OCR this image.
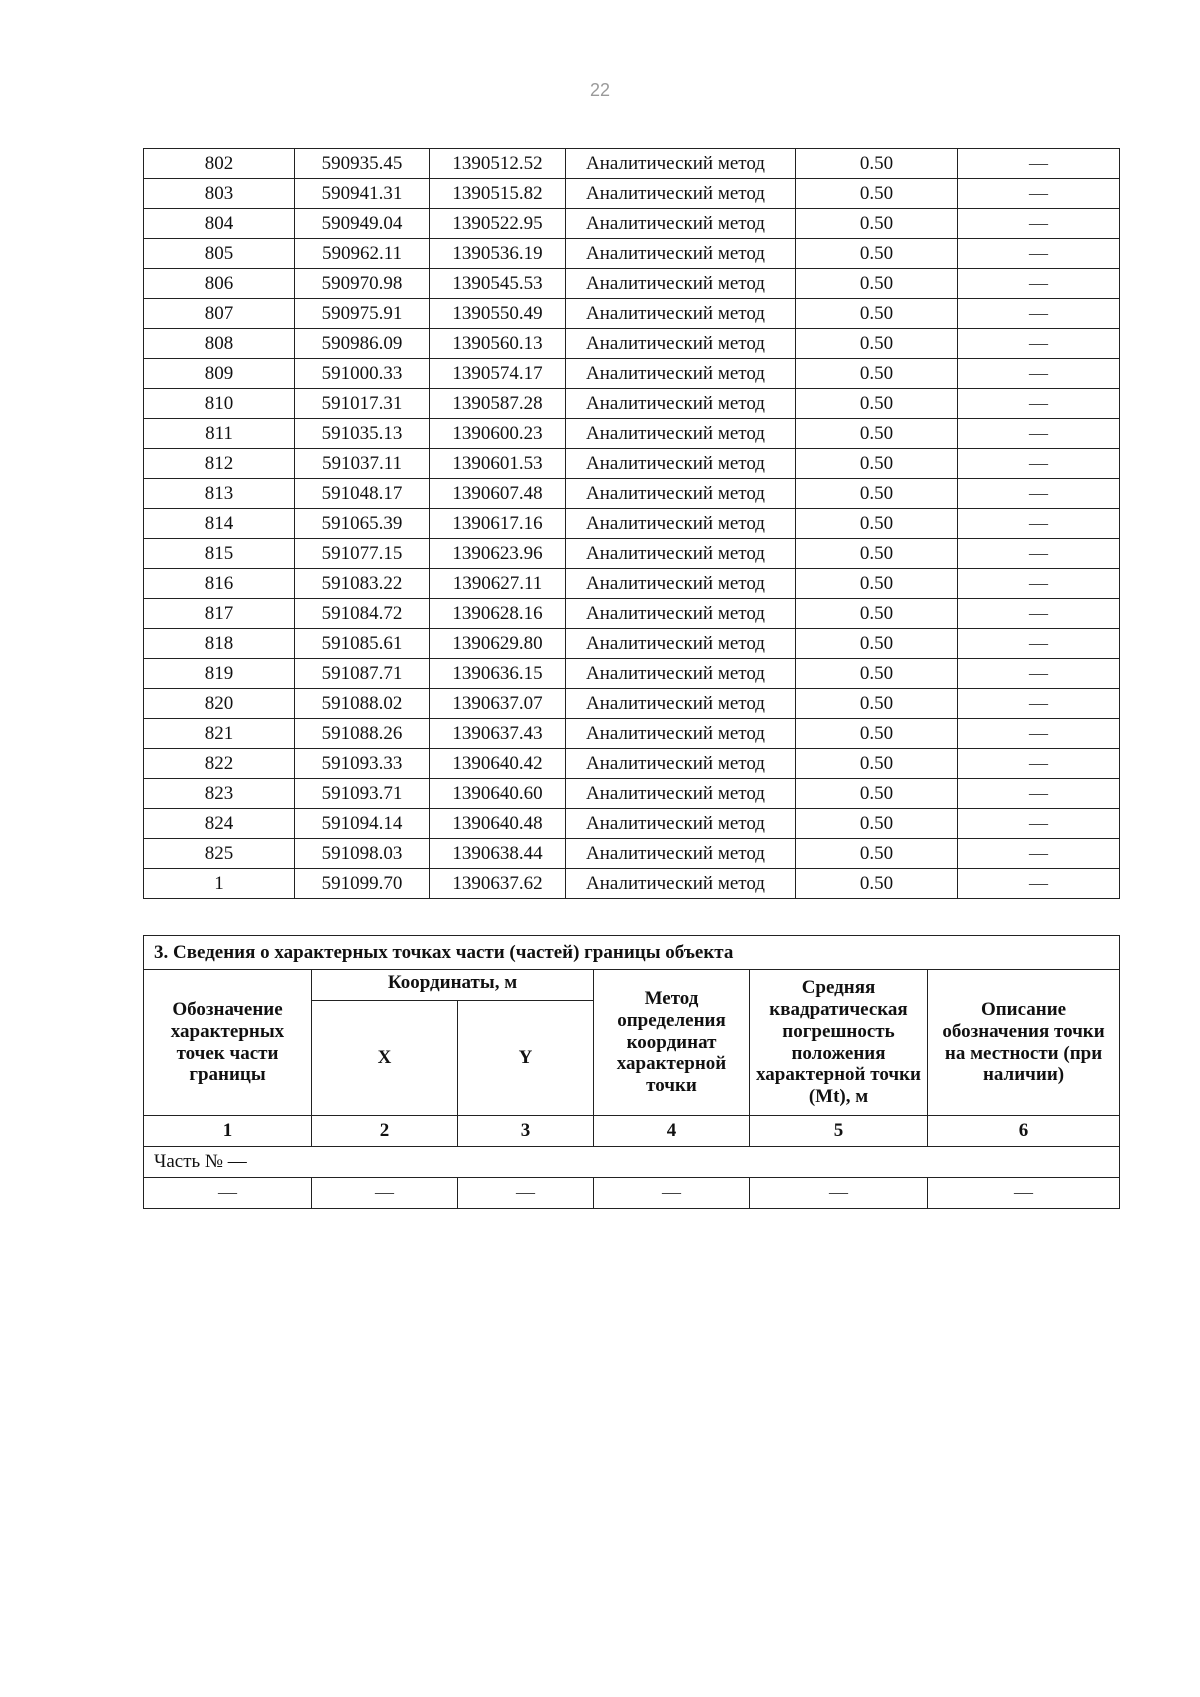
22
802	590935.45	1390512.52	Аналитический метод	0.50	—
803	590941.31	1390515.82	Аналитический метод	0.50	—
804	590949.04	1390522.95	Аналитический метод	0.50	—
805	590962.11	1390536.19	Аналитический метод	0.50	—
806	590970.98	1390545.53	Аналитический метод	0.50	—
807	590975.91	1390550.49	Аналитический метод	0.50	—
808	590986.09	1390560.13	Аналитический метод	0.50	—
809	591000.33	1390574.17	Аналитический метод	0.50	—
810	591017.31	1390587.28	Аналитический метод	0.50	—
811	591035.13	1390600.23	Аналитический метод	0.50	—
812	591037.11	1390601.53	Аналитический метод	0.50	—
813	591048.17	1390607.48	Аналитический метод	0.50	—
814	591065.39	1390617.16	Аналитический метод	0.50	—
815	591077.15	1390623.96	Аналитический метод	0.50	—
816	591083.22	1390627.11	Аналитический метод	0.50	—
817	591084.72	1390628.16	Аналитический метод	0.50	—
818	591085.61	1390629.80	Аналитический метод	0.50	—
819	591087.71	1390636.15	Аналитический метод	0.50	—
820	591088.02	1390637.07	Аналитический метод	0.50	—
821	591088.26	1390637.43	Аналитический метод	0.50	—
822	591093.33	1390640.42	Аналитический метод	0.50	—
823	591093.71	1390640.60	Аналитический метод	0.50	—
824	591094.14	1390640.48	Аналитический метод	0.50	—
825	591098.03	1390638.44	Аналитический метод	0.50	—
1	591099.70	1390637.62	Аналитический метод	0.50	—
3. Сведения о характерных точках части (частей) границы объекта					
Обозначение характерных точек части границы	Координаты, м		Метод определения координат характерной точки	Средняя квадратическая погрешность положения характерной точки (Mt), м	Описание обозначения точки на местности (при наличии)
	X	Y			
1	2	3	4	5	6
Часть № —					
—	—	—	—	—	—
